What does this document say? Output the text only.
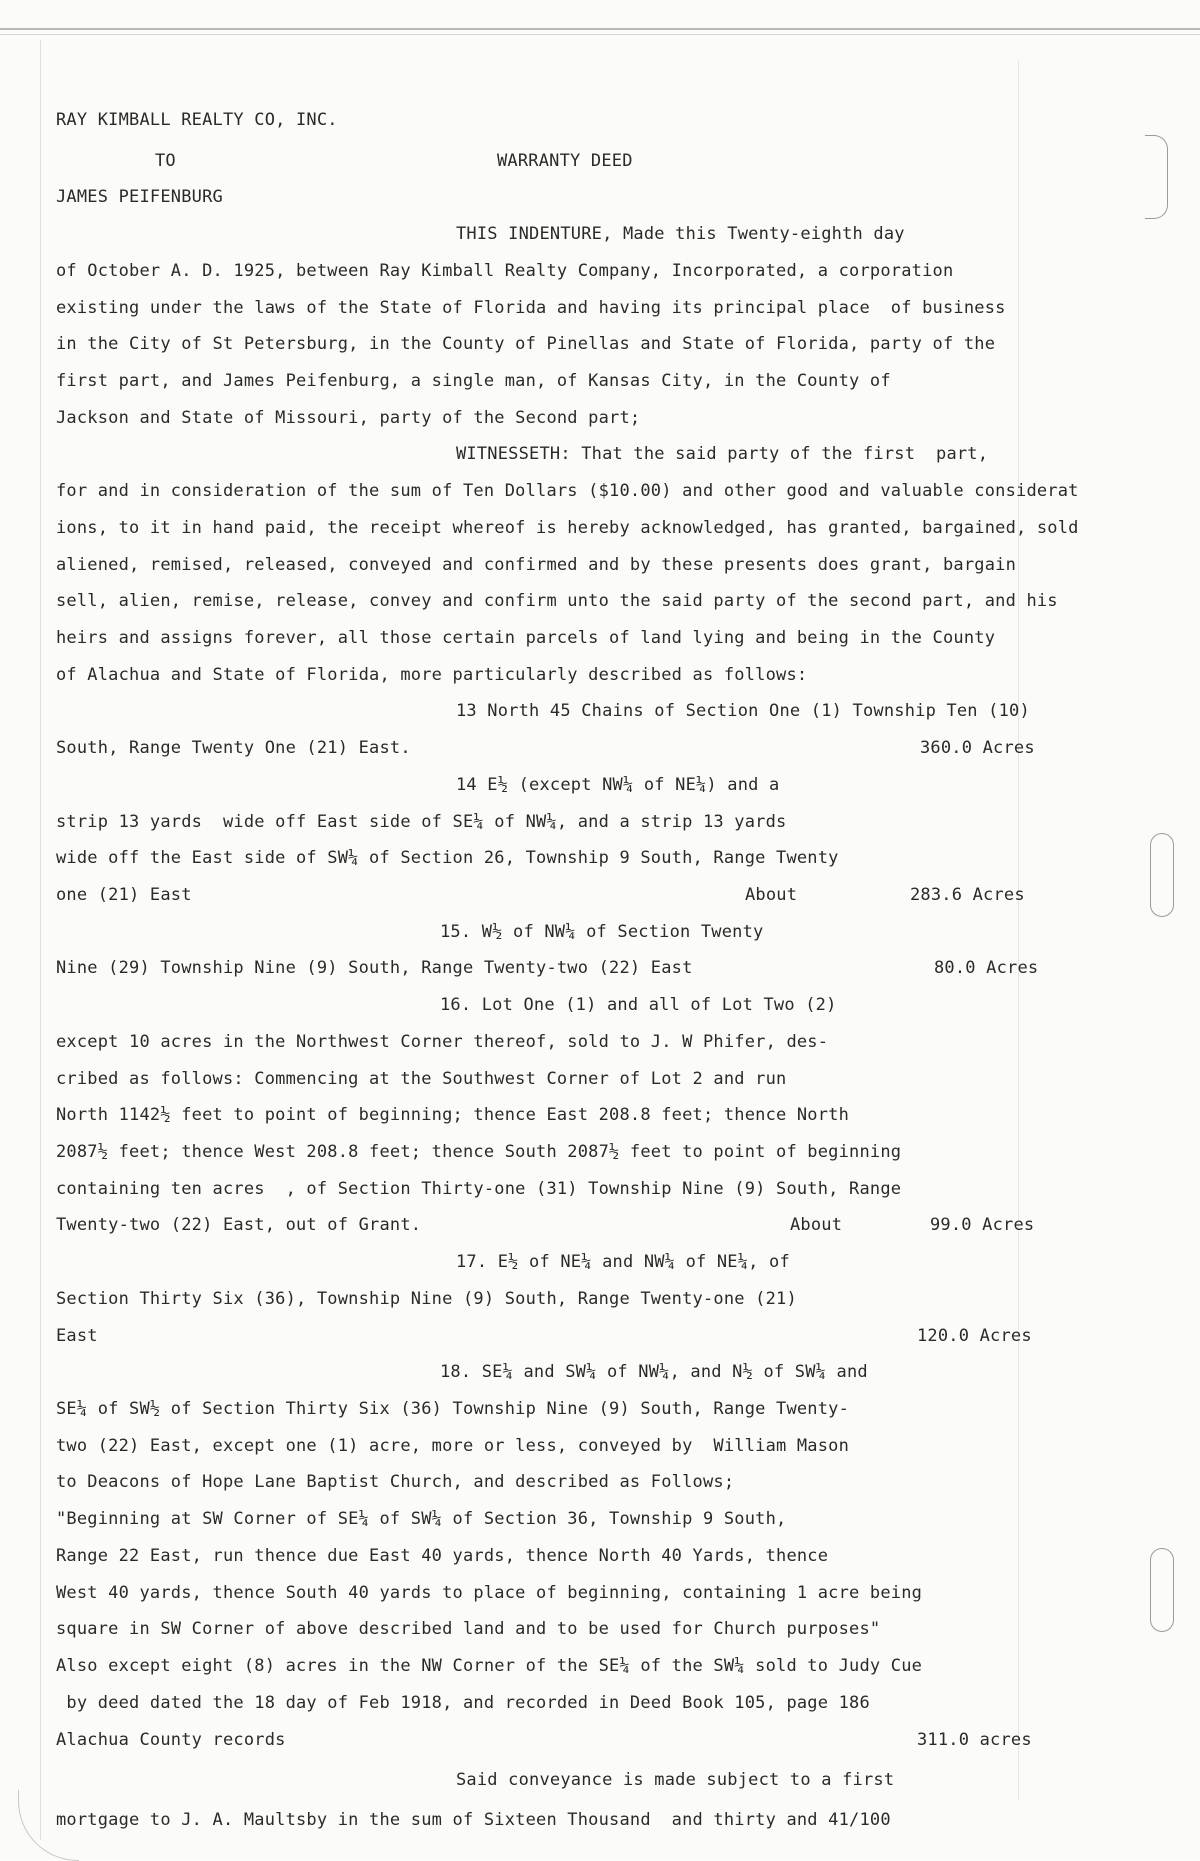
RAY KIMBALL REALTY CO, INC.
TO	WARRANTY DEED
JAMES PEIFENBURG
THIS INDENTURE, Made this Twenty-eighth day
of October A. D. 1925, between Ray Kimball Realty Company, Incorporated, a corporation
existing under the laws of the State of Florida and having its principal place  of business
in the City of St Petersburg, in the County of Pinellas and State of Florida, party of the
first part, and James Peifenburg, a single man, of Kansas City, in the County of
Jackson and State of Missouri, party of the Second part;
WITNESSETH: That the said party of the first  part,
for and in consideration of the sum of Ten Dollars ($10.00) and other good and valuable considerat
ions, to it in hand paid, the receipt whereof is hereby acknowledged, has granted, bargained, sold
aliened, remised, released, conveyed and confirmed and by these presents does grant, bargain
sell, alien, remise, release, convey and confirm unto the said party of the second part, and his
heirs and assigns forever, all those certain parcels of land lying and being in the County
of Alachua and State of Florida, more particularly described as follows:
13 North 45 Chains of Section One (1) Township Ten (10)
South, Range Twenty One (21) East.	360.0 Acres
14 E½ (except NW¼ of NE¼) and a
strip 13 yards  wide off East side of SE¼ of NW¼, and a strip 13 yards
wide off the East side of SW¼ of Section 26, Township 9 South, Range Twenty
one (21) East	About	283.6 Acres
15. W½ of NW¼ of Section Twenty
Nine (29) Township Nine (9) South, Range Twenty-two (22) East	80.0 Acres
16. Lot One (1) and all of Lot Two (2)
except 10 acres in the Northwest Corner thereof, sold to J. W Phifer, des-
cribed as follows: Commencing at the Southwest Corner of Lot 2 and run
North 1142½ feet to point of beginning; thence East 208.8 feet; thence North
2087½ feet; thence West 208.8 feet; thence South 2087½ feet to point of beginning
containing ten acres  , of Section Thirty-one (31) Township Nine (9) South, Range
Twenty-two (22) East, out of Grant.	About	99.0 Acres
17. E½ of NE¼ and NW¼ of NE¼, of
Section Thirty Six (36), Township Nine (9) South, Range Twenty-one (21)
East	120.0 Acres
18. SE¼ and SW¼ of NW¼, and N½ of SW¼ and
SE¼ of SW½ of Section Thirty Six (36) Township Nine (9) South, Range Twenty-
two (22) East, except one (1) acre, more or less, conveyed by  William Mason
to Deacons of Hope Lane Baptist Church, and described as Follows;
"Beginning at SW Corner of SE¼ of SW¼ of Section 36, Township 9 South,
Range 22 East, run thence due East 40 yards, thence North 40 Yards, thence
West 40 yards, thence South 40 yards to place of beginning, containing 1 acre being
square in SW Corner of above described land and to be used for Church purposes"
Also except eight (8) acres in the NW Corner of the SE¼ of the SW¼ sold to Judy Cue
by deed dated the 18 day of Feb 1918, and recorded in Deed Book 105, page 186
Alachua County records	311.0 acres
Said conveyance is made subject to a first
mortgage to J. A. Maultsby in the sum of Sixteen Thousand  and thirty and 41/100
